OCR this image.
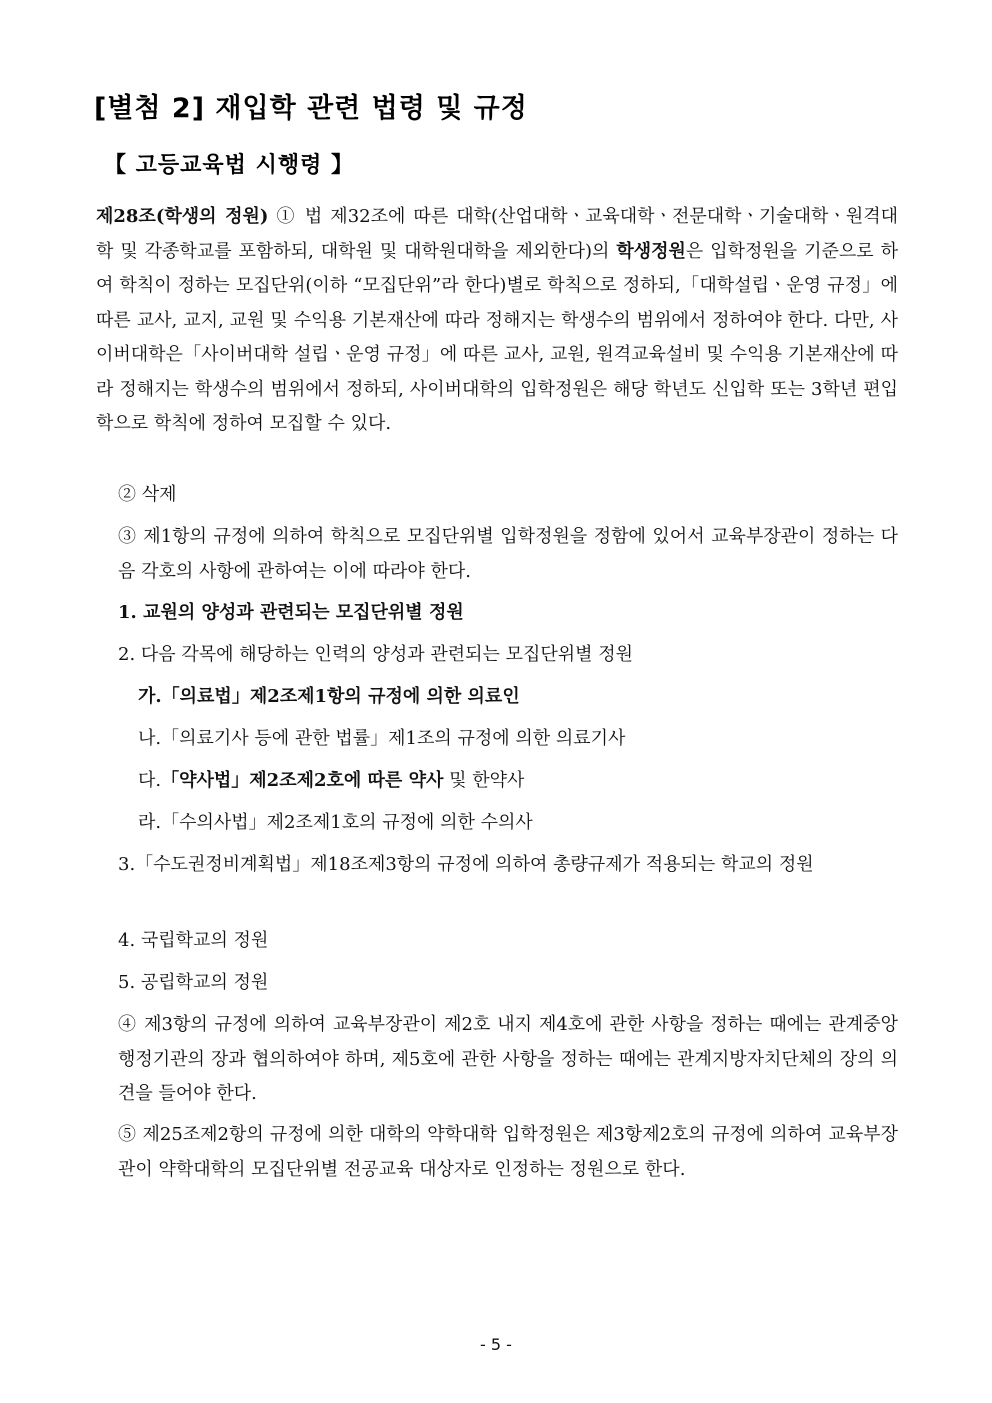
[별첨 2] 재입학 관련 법령 및 규정
【 고등교육법 시행령 】

제28조(학생의 정원) ① 법 제32조에 따른 대학(산업대학ㆍ교육대학ㆍ전문대학ㆍ기술대학ㆍ원격대학 및 각종학교를 포함하되, 대학원 및 대학원대학을 제외한다)의 학생정원은 입학정원을 기준으로 하여 학칙이 정하는 모집단위(이하 “모집단위”라 한다)별로 학칙으로 정하되,「대학설립ㆍ운영 규정」에 따른 교사, 교지, 교원 및 수익용 기본재산에 따라 정해지는 학생수의 범위에서 정하여야 한다. 다만, 사이버대학은「사이버대학 설립ㆍ운영 규정」에 따른 교사, 교원, 원격교육설비 및 수익용 기본재산에 따라 정해지는 학생수의 범위에서 정하되, 사이버대학의 입학정원은 해당 학년도 신입학 또는 3학년 편입학으로 학칙에 정하여 모집할 수 있다.

② 삭제

③ 제1항의 규정에 의하여 학칙으로 모집단위별 입학정원을 정함에 있어서 교육부장관이 정하는 다음 각호의 사항에 관하여는 이에 따라야 한다.

1. 교원의 양성과 관련되는 모집단위별 정원

2. 다음 각목에 해당하는 인력의 양성과 관련되는 모집단위별 정원

가.「의료법」제2조제1항의 규정에 의한 의료인

나.「의료기사 등에 관한 법률」제1조의 규정에 의한 의료기사

다.「약사법」제2조제2호에 따른 약사 및 한약사

라.「수의사법」제2조제1호의 규정에 의한 수의사

3.「수도권정비계획법」제18조제3항의 규정에 의하여 총량규제가 적용되는 학교의 정원

4. 국립학교의 정원

5. 공립학교의 정원

④ 제3항의 규정에 의하여 교육부장관이 제2호 내지 제4호에 관한 사항을 정하는 때에는 관계중앙행정기관의 장과 협의하여야 하며, 제5호에 관한 사항을 정하는 때에는 관계지방자치단체의 장의 의견을 들어야 한다.

⑤ 제25조제2항의 규정에 의한 대학의 약학대학 입학정원은 제3항제2호의 규정에 의하여 교육부장관이 약학대학의 모집단위별 전공교육 대상자로 인정하는 정원으로 한다.

- 5 -
